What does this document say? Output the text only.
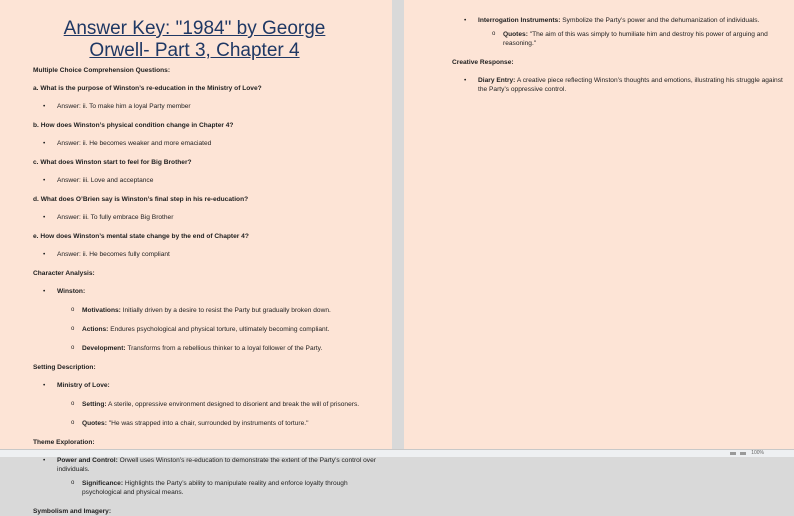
Answer Key: "1984" by George Orwell- Part 3, Chapter 4

Multiple Choice Comprehension Questions:

a. What is the purpose of Winston’s re-education in the Ministry of Love?

•	Answer: ii. To make him a loyal Party member

b. How does Winston’s physical condition change in Chapter 4?

•	Answer: ii. He becomes weaker and more emaciated

c. What does Winston start to feel for Big Brother?

•	Answer: iii. Love and acceptance

d. What does O’Brien say is Winston’s final step in his re-education?

•	Answer: iii. To fully embrace Big Brother

e. How does Winston’s mental state change by the end of Chapter 4?

•	Answer: ii. He becomes fully compliant

Character Analysis:

•	Winston:
o	Motivations: Initially driven by a desire to resist the Party but gradually broken down.
o	Actions: Endures psychological and physical torture, ultimately becoming compliant.
o	Development: Transforms from a rebellious thinker to a loyal follower of the Party.

Setting Description:

•	Ministry of Love:
o	Setting: A sterile, oppressive environment designed to disorient and break the will of prisoners.
o	Quotes: "He was strapped into a chair, surrounded by instruments of torture."

Theme Exploration:

•	Power and Control: Orwell uses Winston’s re-education to demonstrate the extent of the Party’s control over individuals.
o	Significance: Highlights the Party’s ability to manipulate reality and enforce loyalty through psychological and physical means.

Symbolism and Imagery:

•	Interrogation Instruments: Symbolize the Party’s power and the dehumanization of individuals.
o	Quotes: "The aim of this was simply to humiliate him and destroy his power of arguing and reasoning."

Creative Response:

•	Diary Entry: A creative piece reflecting Winston’s thoughts and emotions, illustrating his struggle against the Party’s oppressive control.
100%
